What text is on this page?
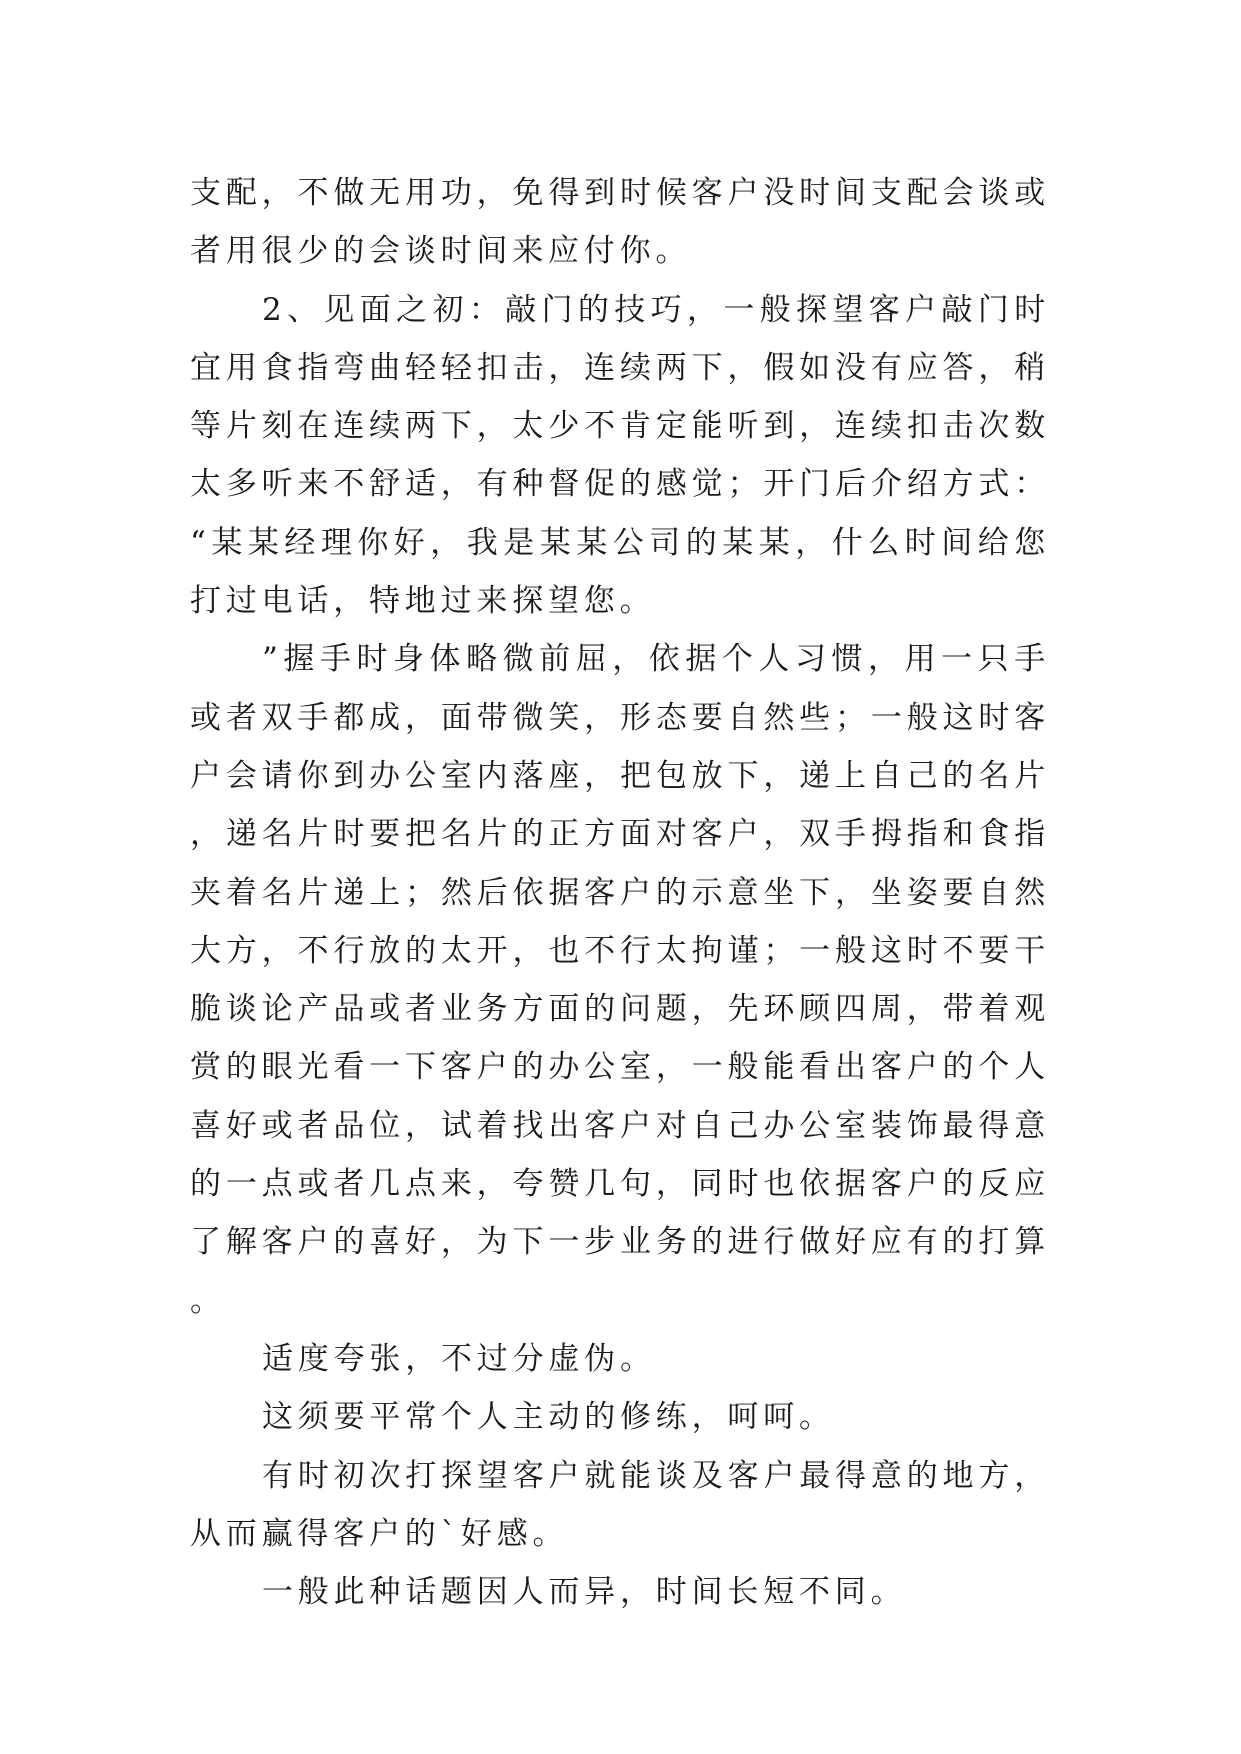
支配，不做无用功，免得到时候客户没时间支配会谈或者用很少的会谈时间来应付你。

2、见面之初：敲门的技巧，一般探望客户敲门时宜用食指弯曲轻轻扣击，连续两下，假如没有应答，稍等片刻在连续两下，太少不肯定能听到，连续扣击次数太多听来不舒适，有种督促的感觉；开门后介绍方式：“某某经理你好，我是某某公司的某某，什么时间给您打过电话，特地过来探望您。

”握手时身体略微前屈，依据个人习惯，用一只手或者双手都成，面带微笑，形态要自然些；一般这时客户会请你到办公室内落座，把包放下，递上自己的名片，递名片时要把名片的正方面对客户，双手拇指和食指夹着名片递上；然后依据客户的示意坐下，坐姿要自然大方，不行放的太开，也不行太拘谨；一般这时不要干脆谈论产品或者业务方面的问题，先环顾四周，带着观赏的眼光看一下客户的办公室，一般能看出客户的个人喜好或者品位，试着找出客户对自己办公室装饰最得意的一点或者几点来，夸赞几句，同时也依据客户的反应了解客户的喜好，为下一步业务的进行做好应有的打算。

适度夸张，不过分虚伪。

这须要平常个人主动的修练，呵呵。

有时初次打探望客户就能谈及客户最得意的地方，从而赢得客户的`好感。

一般此种话题因人而异，时间长短不同。
